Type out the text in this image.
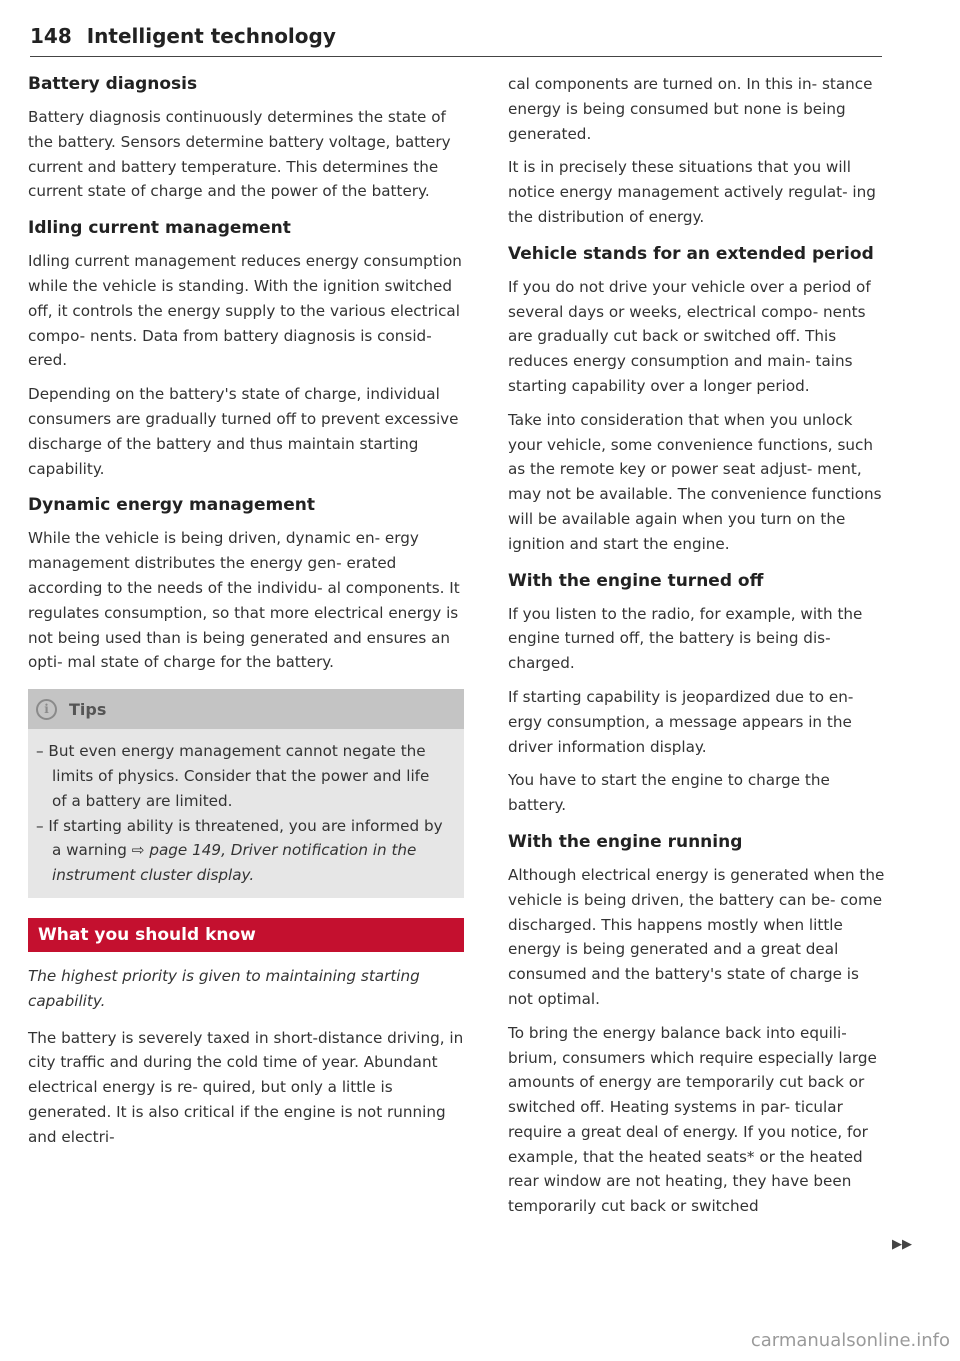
148 Intelligent technology
Battery diagnosis

Battery diagnosis continuously determines the state of the battery. Sensors determine battery voltage, battery current and battery temperature. This determines the current state of charge and the power of the battery.

Idling current management

Idling current management reduces energy consumption while the vehicle is standing. With the ignition switched off, it controls the energy supply to the various electrical compo- nents. Data from battery diagnosis is consid- ered.

Depending on the battery's state of charge, individual consumers are gradually turned off to prevent excessive discharge of the battery and thus maintain starting capability.

Dynamic energy management

While the vehicle is being driven, dynamic en- ergy management distributes the energy gen- erated according to the needs of the individu- al components. It regulates consumption, so that more electrical energy is not being used than is being generated and ensures an opti- mal state of charge for the battery.

i	Tips
– But even energy management cannot negate the limits of physics. Consider that the power and life of a battery are limited.
– If starting ability is threatened, you are informed by a warning ⇨ page 149, Driver notification in the instrument cluster display.
What you should know

The highest priority is given to maintaining starting capability.

The battery is severely taxed in short-distance driving, in city traffic and during the cold time of year. Abundant electrical energy is re- quired, but only a little is generated. It is also critical if the engine is not running and electri-

cal components are turned on. In this in- stance energy is being consumed but none is being generated.

It is in precisely these situations that you will notice energy management actively regulat- ing the distribution of energy.

Vehicle stands for an extended period

If you do not drive your vehicle over a period of several days or weeks, electrical compo- nents are gradually cut back or switched off. This reduces energy consumption and main- tains starting capability over a longer period.

Take into consideration that when you unlock your vehicle, some convenience functions, such as the remote key or power seat adjust- ment, may not be available. The convenience functions will be available again when you turn on the ignition and start the engine.

With the engine turned off

If you listen to the radio, for example, with the engine turned off, the battery is being dis- charged.

If starting capability is jeopardized due to en- ergy consumption, a message appears in the driver information display.

You have to start the engine to charge the battery.

With the engine running

Although electrical energy is generated when the vehicle is being driven, the battery can be- come discharged. This happens mostly when little energy is being generated and a great deal consumed and the battery's state of charge is not optimal.

To bring the energy balance back into equili- brium, consumers which require especially large amounts of energy are temporarily cut back or switched off. Heating systems in par- ticular require a great deal of energy. If you notice, for example, that the heated seats* or the heated rear window are not heating, they have been temporarily cut back or switched

▶▶
carmanualsonline.info
